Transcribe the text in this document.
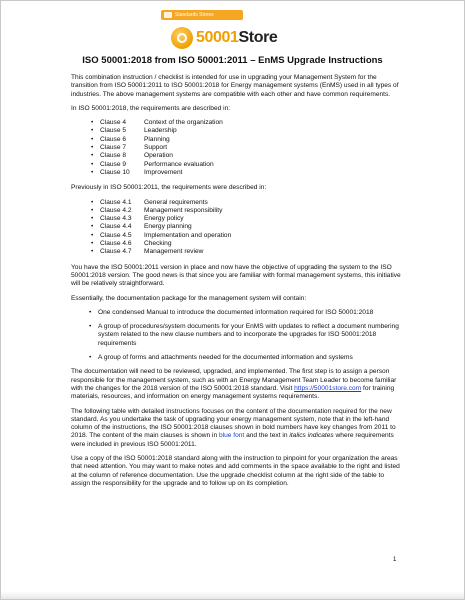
Standards Stores
50001Store
ISO 50001:2018 from ISO 50001:2011 – EnMS Upgrade Instructions

This combination instruction / checklist is intended for use in upgrading your Management System for the transition from ISO 50001:2011 to ISO 50001:2018 for Energy management systems (EnMS) used in all types of industries. The above management systems are compatible with each other and have common requirements.

In ISO 50001:2018, the requirements are described in:

•	Clause 4	Context of the organization
•	Clause 5	Leadership
•	Clause 6	Planning
•	Clause 7	Support
•	Clause 8	Operation
•	Clause 9	Performance evaluation
•	Clause 10	Improvement

Previously in ISO 50001:2011, the requirements were described in:

•	Clause 4.1	General requirements
•	Clause 4.2	Management responsibility
•	Clause 4.3	Energy policy
•	Clause 4.4	Energy planning
•	Clause 4.5	Implementation and operation
•	Clause 4.6	Checking
•	Clause 4.7	Management review

You have the ISO 50001:2011 version in place and now have the objective of upgrading the system to the ISO 50001:2018 version. The good news is that since you are familiar with formal management systems, this initiative will be relatively straightforward.

Essentially, the documentation package for the management system will contain:

• One condensed Manual to introduce the documented information required for ISO 50001:2018
• A group of procedures/system documents for your EnMS with updates to reflect a document numbering system related to the new clause numbers and to incorporate the upgrades for ISO 50001:2018 requirements
• A group of forms and attachments needed for the documented information and systems

The documentation will need to be reviewed, upgraded, and implemented. The first step is to assign a person responsible for the management system, such as with an Energy Management Team Leader to become familiar with the changes for the 2018 version of the ISO 50001:2018 standard. Visit https://50001store.com for training materials, resources, and information on energy management systems requirements.

The following table with detailed instructions focuses on the content of the documentation required for the new standard. As you undertake the task of upgrading your energy management system, note that in the left-hand column of the instructions, the ISO 50001:2018 clauses shown in bold numbers have key changes from 2011 to 2018. The content of the main clauses is shown in blue font and the text in italics indicates where requirements were included in previous ISO 50001:2011.

Use a copy of the ISO 50001:2018 standard along with the instruction to pinpoint for your organization the areas that need attention. You may want to make notes and add comments in the space available to the right and listed at the column of reference documentation. Use the upgrade checklist column at the right side of the table to assign the responsibility for the upgrade and to follow up on its completion.

1
